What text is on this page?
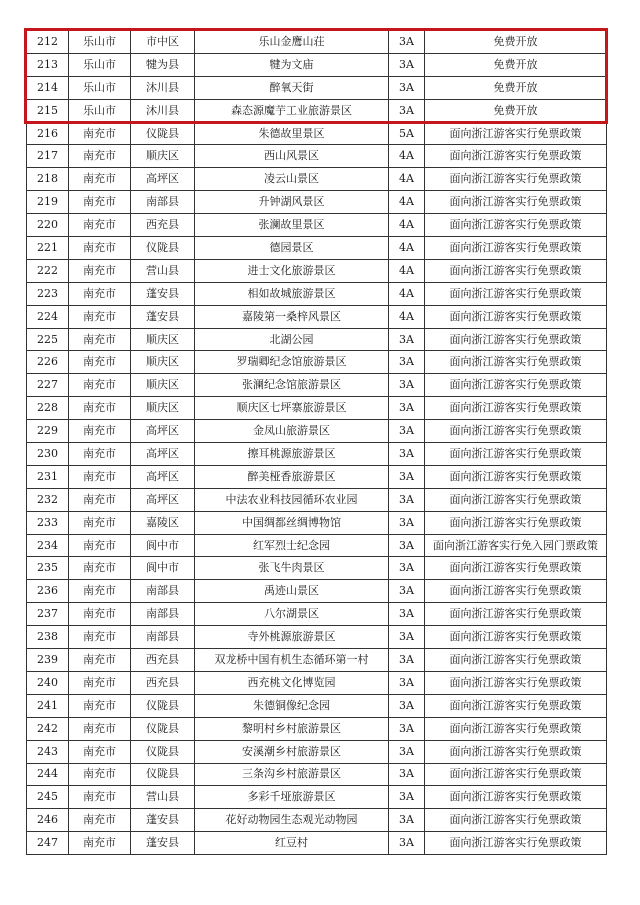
212	乐山市	市中区	乐山金鹰山荘	3A	免费开放
213	乐山市	犍为县	犍为文庙	3A	免费开放
214	乐山市	沐川县	醉氧天街	3A	免费开放
215	乐山市	沐川县	森态源魔芋工业旅游景区	3A	免费开放
216	南充市	仪陇县	朱德故里景区	5A	面向浙江游客实行免票政策
217	南充市	顺庆区	西山风景区	4A	面向浙江游客实行免票政策
218	南充市	高坪区	凌云山景区	4A	面向浙江游客实行免票政策
219	南充市	南部县	升钟湖风景区	4A	面向浙江游客实行免票政策
220	南充市	西充县	张澜故里景区	4A	面向浙江游客实行免票政策
221	南充市	仪陇县	德园景区	4A	面向浙江游客实行免票政策
222	南充市	营山县	进士文化旅游景区	4A	面向浙江游客实行免票政策
223	南充市	蓬安县	相如故城旅游景区	4A	面向浙江游客实行免票政策
224	南充市	蓬安县	嘉陵第一桑梓风景区	4A	面向浙江游客实行免票政策
225	南充市	顺庆区	北湖公园	3A	面向浙江游客实行免票政策
226	南充市	顺庆区	罗瑞卿纪念馆旅游景区	3A	面向浙江游客实行免票政策
227	南充市	顺庆区	张澜纪念馆旅游景区	3A	面向浙江游客实行免票政策
228	南充市	顺庆区	顺庆区七坪寨旅游景区	3A	面向浙江游客实行免票政策
229	南充市	高坪区	金凤山旅游景区	3A	面向浙江游客实行免票政策
230	南充市	高坪区	擦耳桃源旅游景区	3A	面向浙江游客实行免票政策
231	南充市	高坪区	醉美桠香旅游景区	3A	面向浙江游客实行免票政策
232	南充市	高坪区	中法农业科技园循环农业园	3A	面向浙江游客实行免票政策
233	南充市	嘉陵区	中国绸都丝绸博物馆	3A	面向浙江游客实行免票政策
234	南充市	阆中市	红军烈士纪念园	3A	面向浙江游客实行免入园门票政策
235	南充市	阆中市	张飞牛肉景区	3A	面向浙江游客实行免票政策
236	南充市	南部县	禹迹山景区	3A	面向浙江游客实行免票政策
237	南充市	南部县	八尔湖景区	3A	面向浙江游客实行免票政策
238	南充市	南部县	寺外桃源旅游景区	3A	面向浙江游客实行免票政策
239	南充市	西充县	双龙桥中国有机生态循环第一村	3A	面向浙江游客实行免票政策
240	南充市	西充县	西充桃文化博览园	3A	面向浙江游客实行免票政策
241	南充市	仪陇县	朱德铜像纪念园	3A	面向浙江游客实行免票政策
242	南充市	仪陇县	黎明村乡村旅游景区	3A	面向浙江游客实行免票政策
243	南充市	仪陇县	安溪潮乡村旅游景区	3A	面向浙江游客实行免票政策
244	南充市	仪陇县	三条沟乡村旅游景区	3A	面向浙江游客实行免票政策
245	南充市	营山县	多彩千垭旅游景区	3A	面向浙江游客实行免票政策
246	南充市	蓬安县	花好动物园生态观光动物园	3A	面向浙江游客实行免票政策
247	南充市	蓬安县	红豆村	3A	面向浙江游客实行免票政策
